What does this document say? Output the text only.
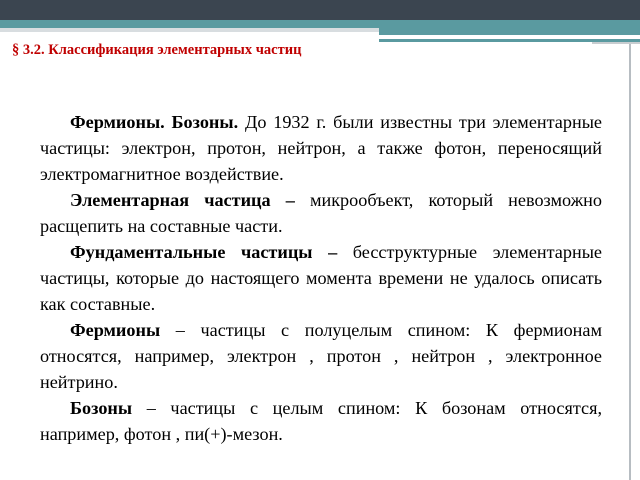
§ 3.2. Классификация элементарных частиц

Фермионы. Бозоны. До 1932 г. были известны три элементарные частицы: электрон, протон, нейтрон, а также фотон, переносящий электромагнитное воздействие.

Элементарная частица – микрообъект, который невозможно расщепить на составные части.

Фундаментальные частицы – бесструктурные элементарные частицы, которые до настоящего момента времени не удалось описать как составные.

Фермионы – частицы с полуцелым спином: К фермионам относятся, например, электрон , протон , нейтрон , электронное нейтрино.

Бозоны – частицы с целым спином: К бозонам относятся, например, фотон , пи(+)-мезон.
